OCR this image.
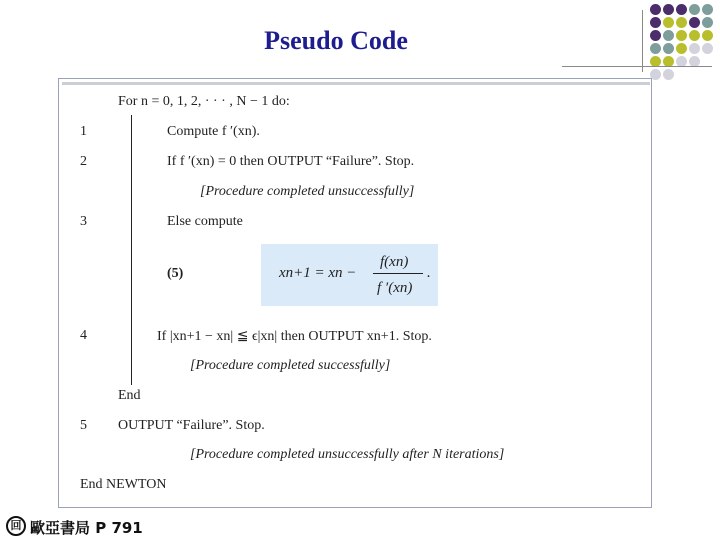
Pseudo Code
For n = 0, 1, 2, · · · , N − 1 do:
1	Compute f ′(xn).
2	If f ′(xn) = 0 then OUTPUT “Failure”. Stop.
[Procedure completed unsuccessfully]
3	Else compute
(5)	xn+1 = xn −
f(xn)
f ′(xn)
.
4	If |xn+1 − xn| ≦ ϵ|xn| then OUTPUT xn+1. Stop.
[Procedure completed successfully]
End
5 OUTPUT “Failure”. Stop.
[Procedure completed unsuccessfully after N iterations]
End NEWTON
回 歐亞書局 P 791
